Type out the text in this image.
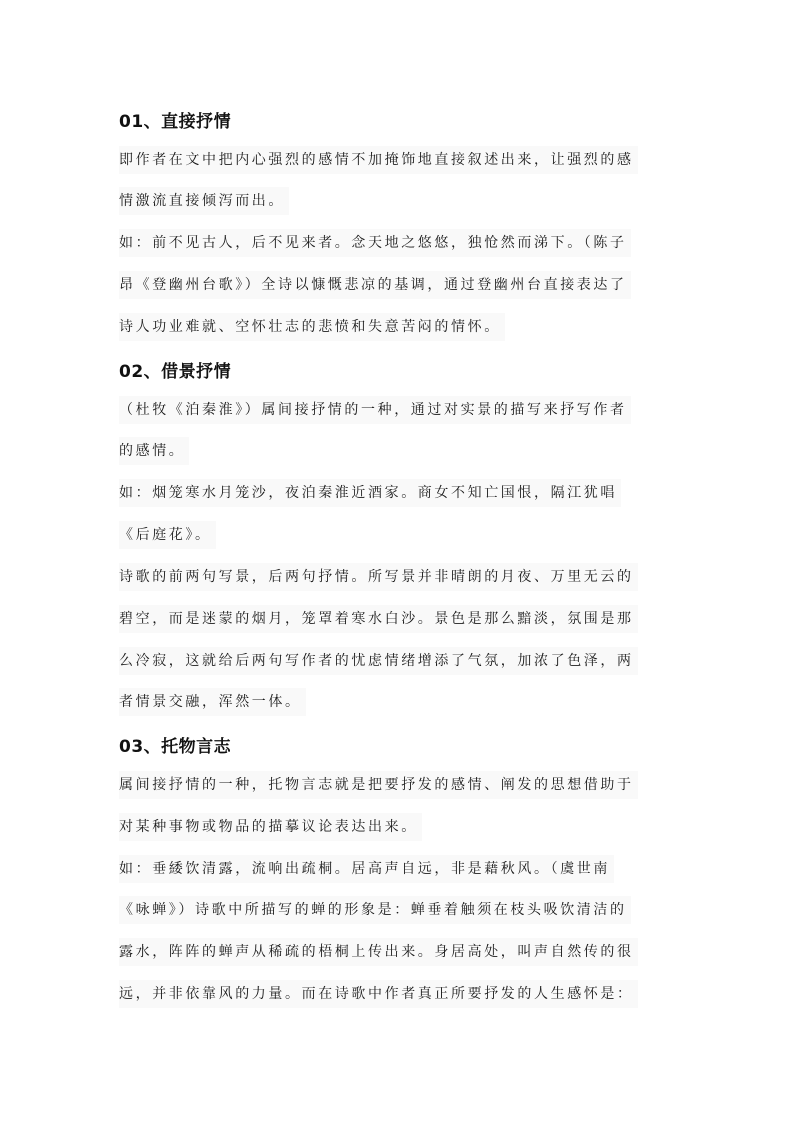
01、直接抒情
即作者在文中把内心强烈的感情不加掩饰地直接叙述出来，让强烈的感
情激流直接倾泻而出。
如：前不见古人，后不见来者。念天地之悠悠，独怆然而涕下。（陈子
昂《登幽州台歌》）全诗以慷慨悲凉的基调，通过登幽州台直接表达了
诗人功业难就、空怀壮志的悲愤和失意苦闷的情怀。
02、借景抒情
（杜牧《泊秦淮》）属间接抒情的一种，通过对实景的描写来抒写作者
的感情。
如：烟笼寒水月笼沙，夜泊秦淮近酒家。商女不知亡国恨，隔江犹唱
《后庭花》。
诗歌的前两句写景，后两句抒情。所写景并非晴朗的月夜、万里无云的
碧空，而是迷蒙的烟月，笼罩着寒水白沙。景色是那么黯淡，氛围是那
么冷寂，这就给后两句写作者的忧虑情绪增添了气氛，加浓了色泽，两
者情景交融，浑然一体。
03、托物言志
属间接抒情的一种，托物言志就是把要抒发的感情、阐发的思想借助于
对某种事物或物品的描摹议论表达出来。
如：垂緌饮清露，流响出疏桐。居高声自远，非是藉秋风。（虞世南
《咏蝉》）诗歌中所描写的蝉的形象是：蝉垂着触须在枝头吸饮清洁的
露水，阵阵的蝉声从稀疏的梧桐上传出来。身居高处，叫声自然传的很
远，并非依靠风的力量。而在诗歌中作者真正所要抒发的人生感怀是：
